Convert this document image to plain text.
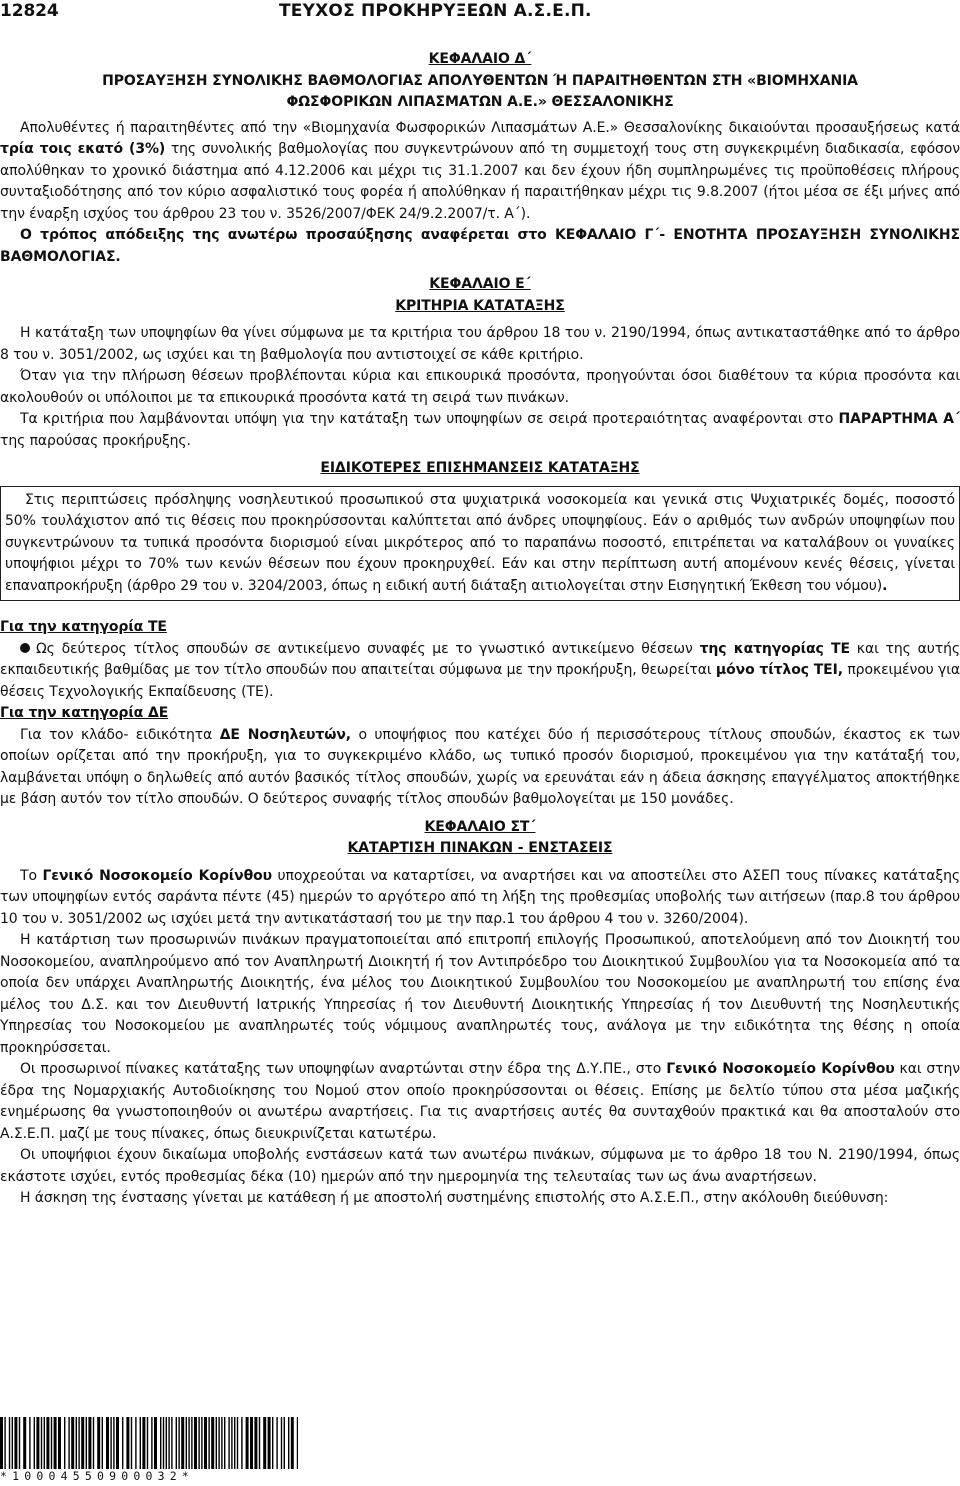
12824	ΤΕΥΧΟΣ ΠΡΟΚΗΡΥΞΕΩΝ Α.Σ.Ε.Π.

ΚΕΦΑΛΑΙΟ Δ΄

ΠΡΟΣΑΥΞΗΣΗ ΣΥΝΟΛΙΚΗΣ ΒΑΘΜΟΛΟΓΙΑΣ ΑΠΟΛΥΘΕΝΤΩΝ Ή ΠΑΡΑΙΤΗΘΕΝΤΩΝ ΣΤΗ «ΒΙΟΜΗΧΑΝΙΑ

ΦΩΣΦΟΡΙΚΩΝ ΛΙΠΑΣΜΑΤΩΝ Α.Ε.» ΘΕΣΣΑΛΟΝΙΚΗΣ

Απολυθέντες ή παραιτηθέντες από την «Βιομηχανία Φωσφορικών Λιπασμάτων Α.Ε.» Θεσσαλονίκης δικαιούνται προσαυξήσεως κατά τρία τοις εκατό (3%) της συνολικής βαθμολογίας που συγκεντρώνουν από τη συμμετοχή τους στη συγκεκριμένη διαδικασία, εφόσον απολύθηκαν το χρονικό διάστημα από 4.12.2006 και μέχρι τις 31.1.2007 και δεν έχουν ήδη συμπληρωμένες τις προϋποθέσεις πλήρους συνταξιοδότησης από τον κύριο ασφαλιστικό τους φορέα ή απολύθηκαν ή παραιτήθηκαν μέχρι τις 9.8.2007 (ήτοι μέσα σε έξι μήνες από την έναρξη ισχύος του άρθρου 23 του ν. 3526/2007/ΦΕΚ 24/9.2.2007/τ. Α΄).

Ο τρόπος απόδειξης της ανωτέρω προσαύξησης αναφέρεται στο ΚΕΦΑΛΑΙΟ Γ΄- ΕΝΟΤΗΤΑ ΠΡΟΣΑΥΞΗΣΗ ΣΥΝΟΛΙΚΗΣ ΒΑΘΜΟΛΟΓΙΑΣ.

ΚΕΦΑΛΑΙΟ Ε΄

ΚΡΙΤΗΡΙΑ ΚΑΤΑΤΑΞΗΣ

Η κατάταξη των υποψηφίων θα γίνει σύμφωνα με τα κριτήρια του άρθρου 18 του ν. 2190/1994, όπως αντικαταστάθηκε από το άρθρο 8 του ν. 3051/2002, ως ισχύει και τη βαθμολογία που αντιστοιχεί σε κάθε κριτήριο.

Όταν για την πλήρωση θέσεων προβλέπονται κύρια και επικουρικά προσόντα, προηγούνται όσοι διαθέτουν τα κύρια προσόντα και ακολουθούν οι υπόλοιποι με τα επικουρικά προσόντα κατά τη σειρά των πινάκων.

Τα κριτήρια που λαμβάνονται υπόψη για την κατάταξη των υποψηφίων σε σειρά προτεραιότητας αναφέρονται στο ΠΑΡΑΡΤΗΜΑ Α΄ της παρούσας προκήρυξης.

ΕΙΔΙΚΟΤΕΡΕΣ ΕΠΙΣΗΜΑΝΣΕΙΣ ΚΑΤΑΤΑΞΗΣ

Στις περιπτώσεις πρόσληψης νοσηλευτικού προσωπικού στα ψυχιατρικά νοσοκομεία και γενικά στις Ψυχιατρικές δομές, ποσοστό 50% τουλάχιστον από τις θέσεις που προκηρύσσονται καλύπτεται από άνδρες υποψηφίους. Εάν ο αριθμός των ανδρών υποψηφίων που συγκεντρώνουν τα τυπικά προσόντα διορισμού είναι μικρότερος από το παραπάνω ποσοστό, επιτρέπεται να καταλάβουν οι γυναίκες υποψήφιοι μέχρι το 70% των κενών θέσεων που έχουν προκηρυχθεί. Εάν και στην περίπτωση αυτή απομένουν κενές θέσεις, γίνεται επαναπροκήρυξη (άρθρο 29 του ν. 3204/2003, όπως η ειδική αυτή διάταξη αιτιολογείται στην Εισηγητική Έκθεση του νόμου).

Για την κατηγορία ΤΕ

Ως δεύτερος τίτλος σπουδών σε αντικείμενο συναφές με το γνωστικό αντικείμενο θέσεων της κατηγορίας ΤΕ και της αυτής εκπαιδευτικής βαθμίδας με τον τίτλο σπουδών που απαιτείται σύμφωνα με την προκήρυξη, θεωρείται μόνο τίτλος ΤΕΙ, προκειμένου για θέσεις Τεχνολογικής Εκπαίδευσης (ΤΕ).

Για την κατηγορία ΔΕ

Για τον κλάδο- ειδικότητα ΔΕ Νοσηλευτών, ο υποψήφιος που κατέχει δύο ή περισσότερους τίτλους σπουδών, έκαστος εκ των οποίων ορίζεται από την προκήρυξη, για το συγκεκριμένο κλάδο, ως τυπικό προσόν διορισμού, προκειμένου για την κατάταξή του, λαμβάνεται υπόψη ο δηλωθείς από αυτόν βασικός τίτλος σπουδών, χωρίς να ερευνάται εάν η άδεια άσκησης επαγγέλματος αποκτήθηκε με βάση αυτόν τον τίτλο σπουδών. Ο δεύτερος συναφής τίτλος σπουδών βαθμολογείται με 150 μονάδες.

ΚΕΦΑΛΑΙΟ ΣΤ΄

ΚΑΤΑΡΤΙΣΗ ΠΙΝΑΚΩΝ - ΕΝΣΤΑΣΕΙΣ

Το Γενικό Νοσοκομείο Κορίνθου υποχρεούται να καταρτίσει, να αναρτήσει και να αποστείλει στο ΑΣΕΠ τους πίνακες κατάταξης των υποψηφίων εντός σαράντα πέντε (45) ημερών το αργότερο από τη λήξη της προθεσμίας υποβολής των αιτήσεων (παρ.8 του άρθρου 10 του ν. 3051/2002 ως ισχύει μετά την αντικατάστασή του με την παρ.1 του άρθρου 4 του ν. 3260/2004).

Η κατάρτιση των προσωρινών πινάκων πραγματοποιείται από επιτροπή επιλογής Προσωπικού, αποτελούμενη από τον Διοικητή του Νοσοκομείου, αναπληρούμενο από τον Αναπληρωτή Διοικητή ή τον Αντιπρόεδρο του Διοικητικού Συμβουλίου για τα Νοσοκομεία από τα οποία δεν υπάρχει Αναπληρωτής Διοικητής, ένα μέλος του Διοικητικού Συμβουλίου του Νοσοκομείου με αναπληρωτή του επίσης ένα μέλος του Δ.Σ. και τον Διευθυντή Ιατρικής Υπηρεσίας ή τον Διευθυντή Διοικητικής Υπηρεσίας ή τον Διευθυντή της Νοσηλευτικής Υπηρεσίας του Νοσοκομείου με αναπληρωτές τούς νόμιμους αναπληρωτές τους, ανάλογα με την ειδικότητα της θέσης η οποία προκηρύσσεται.

Οι προσωρινοί πίνακες κατάταξης των υποψηφίων αναρτώνται στην έδρα της Δ.Υ.ΠΕ., στο Γενικό Νοσοκομείο Κορίνθου και στην έδρα της Νομαρχιακής Αυτοδιοίκησης του Νομού στον οποίο προκηρύσσονται οι θέσεις. Επίσης με δελτίο τύπου στα μέσα μαζικής ενημέρωσης θα γνωστοποιηθούν οι ανωτέρω αναρτήσεις. Για τις αναρτήσεις αυτές θα συνταχθούν πρακτικά και θα αποσταλούν στο Α.Σ.Ε.Π. μαζί με τους πίνακες, όπως διευκρινίζεται κατωτέρω.

Οι υποψήφιοι έχουν δικαίωμα υποβολής ενστάσεων κατά των ανωτέρω πινάκων, σύμφωνα με το άρθρο 18 του Ν. 2190/1994, όπως εκάστοτε ισχύει, εντός προθεσμίας δέκα (10) ημερών από την ημερομηνία της τελευταίας των ως άνω αναρτήσεων.

Η άσκηση της ένστασης γίνεται με κατάθεση ή με αποστολή συστημένης επιστολής στο Α.Σ.Ε.Π., στην ακόλουθη διεύθυνση:

*10004550900032*
